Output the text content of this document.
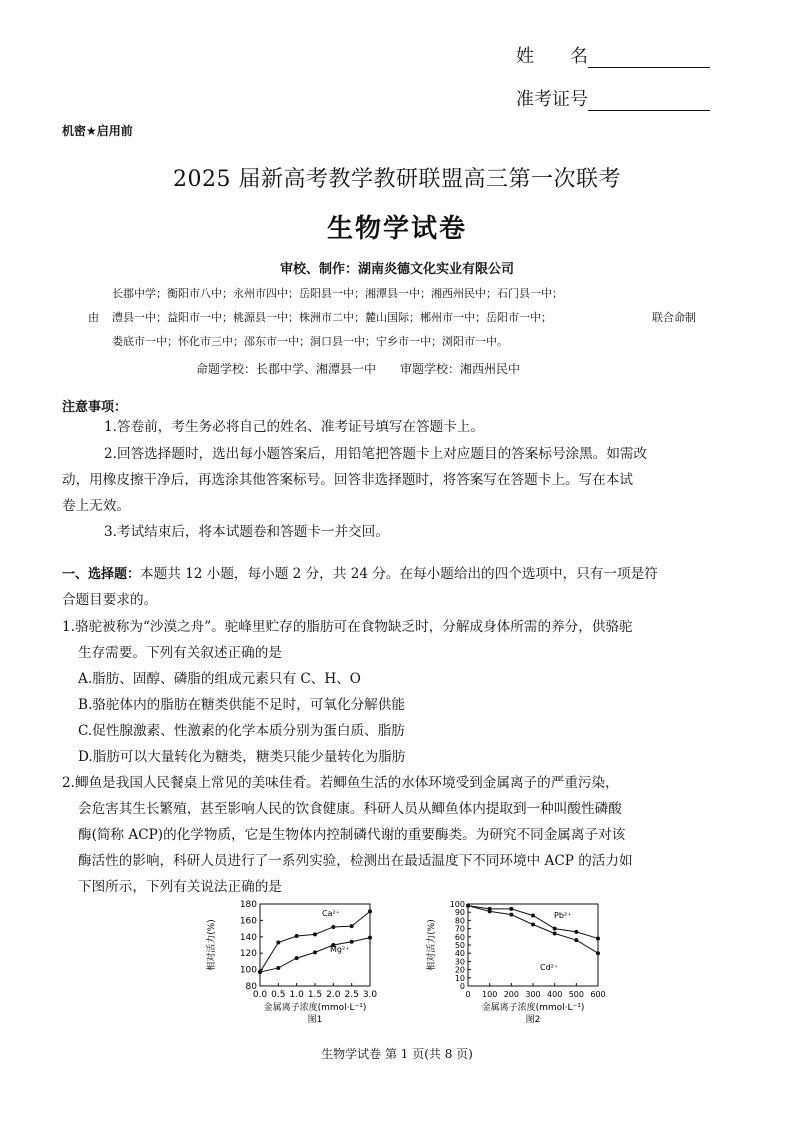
姓　　名
准考证号
机密★启用前
2025 届新高考教学教研联盟高三第一次联考
生物学试卷
审校、制作：湖南炎德文化实业有限公司
由
长郡中学；衡阳市八中；永州市四中；岳阳县一中；湘潭县一中；湘西州民中；石门县一中；
澧县一中；益阳市一中；桃源县一中；株洲市二中；麓山国际；郴州市一中；岳阳市一中；
娄底市一中；怀化市三中；邵东市一中；洞口县一中；宁乡市一中；浏阳市一中。
联合命制
命题学校：长郡中学、湘潭县一中　　审题学校：湘西州民中
注意事项：
1.答卷前，考生务必将自己的姓名、准考证号填写在答题卡上。
2.回答选择题时，选出每小题答案后，用铅笔把答题卡上对应题目的答案标号涂黑。如需改
动，用橡皮擦干净后，再选涂其他答案标号。回答非选择题时，将答案写在答题卡上。写在本试
卷上无效。
3.考试结束后，将本试题卷和答题卡一并交回。
一、选择题：本题共 12 小题，每小题 2 分，共 24 分。在每小题给出的四个选项中，只有一项是符
合题目要求的。
1.骆驼被称为“沙漠之舟”。驼峰里贮存的脂肪可在食物缺乏时，分解成身体所需的养分，供骆驼
生存需要。下列有关叙述正确的是
A.脂肪、固醇、磷脂的组成元素只有 C、H、O
B.骆驼体内的脂肪在糖类供能不足时，可氧化分解供能
C.促性腺激素、性激素的化学本质分别为蛋白质、脂肪
D.脂肪可以大量转化为糖类，糖类只能少量转化为脂肪
2.鲫鱼是我国人民餐桌上常见的美味佳肴。若鲫鱼生活的水体环境受到金属离子的严重污染，
会危害其生长繁殖，甚至影响人民的饮食健康。科研人员从鲫鱼体内提取到一种叫酸性磷酸
酶(简称 ACP)的化学物质，它是生物体内控制磷代谢的重要酶类。为研究不同金属离子对该
酶活性的影响，科研人员进行了一系列实验，检测出在最适温度下不同环境中 ACP 的活力如
下图所示，下列有关说法正确的是
80
100
120
140
160
180
0.0 0.5 1.0 1.5 2.0 2.5 3.0
金属离子浓度(mmol·L⁻¹)
图1
相对活力(%)
Ca²⁺
Mg²⁺
0
10
20
30
40
50
60
70
80
90
100
0 100 200 300 400 500 600
金属离子浓度(mmol·L⁻¹)
图2
相对活力(%)
Pb²⁺
Cd²⁺
生物学试卷 第 1 页(共 8 页)
